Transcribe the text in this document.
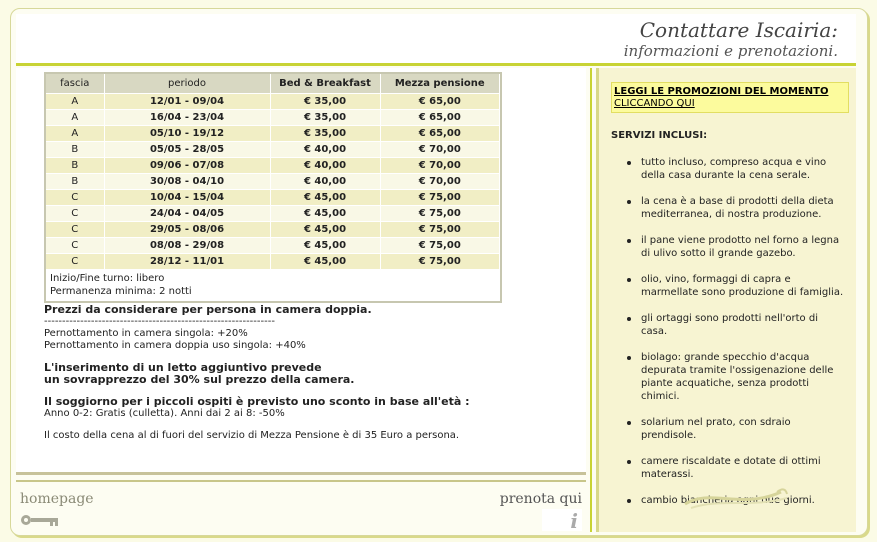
Contattare Iscairia:
informazioni e prenotazioni.
fascia	periodo	Bed & Breakfast	Mezza pensione
A	12/01 - 09/04	€ 35,00	€ 65,00
A	16/04 - 23/04	€ 35,00	€ 65,00
A	05/10 - 19/12	€ 35,00	€ 65,00
B	05/05 - 28/05	€ 40,00	€ 70,00
B	09/06 - 07/08	€ 40,00	€ 70,00
B	30/08 - 04/10	€ 40,00	€ 70,00
C	10/04 - 15/04	€ 45,00	€ 75,00
C	24/04 - 04/05	€ 45,00	€ 75,00
C	29/05 - 08/06	€ 45,00	€ 75,00
C	08/08 - 29/08	€ 45,00	€ 75,00
C	28/12 - 11/01	€ 45,00	€ 75,00
Inizio/Fine turno: libero
Permanenza minima: 2 notti
Prezzi da considerare per persona in camera doppia.
----------------------------------------------------------------
Pernottamento in camera singola: +20%
Pernottamento in camera doppia uso singola: +40%
L'inserimento di un letto aggiuntivo prevede
un sovrapprezzo del 30% sul prezzo della camera.
Il soggiorno per i piccoli ospiti è previsto uno sconto in base all'età :
Anno 0-2: Gratis (culletta). Anni dai 2 ai 8: -50%
Il costo della cena al di fuori del servizio di Mezza Pensione è di 35 Euro a persona.
homepage	prenota qui
i
LEGGI LE PROMOZIONI DEL MOMENTO
CLICCANDO QUI
SERVIZI INCLUSI:
tutto incluso, compreso acqua e vino della casa durante la cena serale.
la cena è a base di prodotti della dieta mediterranea, di nostra produzione.
il pane viene prodotto nel forno a legna di ulivo sotto il grande gazebo.
olio, vino, formaggi di capra e marmellate sono produzione di famiglia.
gli ortaggi sono prodotti nell'orto di casa.
biolago: grande specchio d'acqua depurata tramite l'ossigenazione delle piante acquatiche, senza prodotti chimici.
solarium nel prato, con sdraio prendisole.
camere riscaldate e dotate di ottimi materassi.
cambio biancheria ogni due giorni.
